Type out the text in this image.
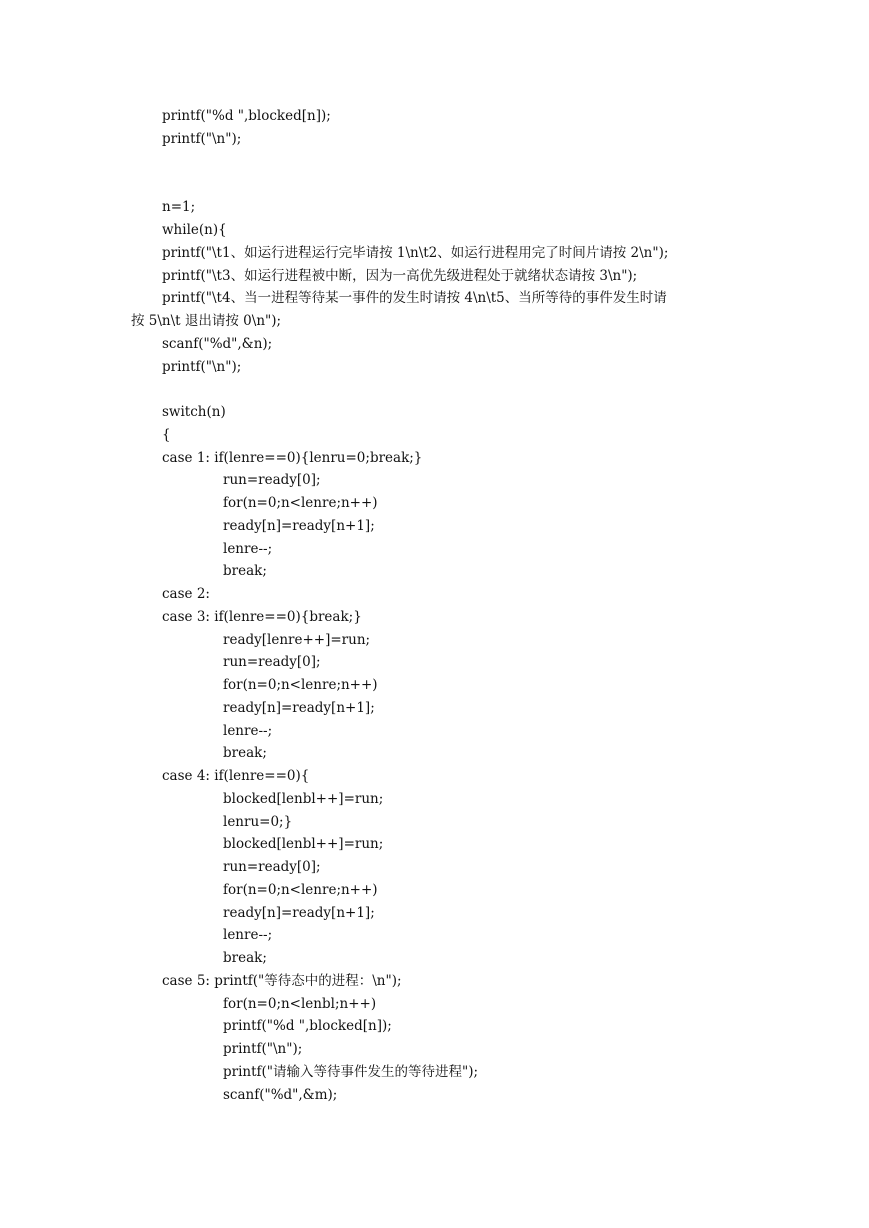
printf("%d ",blocked[n]);
printf("\n");
n=1;
while(n){
printf("\t1、如运行进程运行完毕请按 1\n\t2、如运行进程用完了时间片请按 2\n");
printf("\t3、如运行进程被中断，因为一高优先级进程处于就绪状态请按 3\n");
printf("\t4、当一进程等待某一事件的发生时请按 4\n\t5、当所等待的事件发生时请
按 5\n\t 退出请按 0\n");
scanf("%d",&n);
printf("\n");
switch(n)
{
case 1: if(lenre==0){lenru=0;break;}
run=ready[0];
for(n=0;n<lenre;n++)
ready[n]=ready[n+1];
lenre--;
break;
case 2:
case 3: if(lenre==0){break;}
ready[lenre++]=run;
run=ready[0];
for(n=0;n<lenre;n++)
ready[n]=ready[n+1];
lenre--;
break;
case 4: if(lenre==0){
blocked[lenbl++]=run;
lenru=0;}
blocked[lenbl++]=run;
run=ready[0];
for(n=0;n<lenre;n++)
ready[n]=ready[n+1];
lenre--;
break;
case 5: printf("等待态中的进程：\n");
for(n=0;n<lenbl;n++)
printf("%d ",blocked[n]);
printf("\n");
printf("请输入等待事件发生的等待进程");
scanf("%d",&m);
